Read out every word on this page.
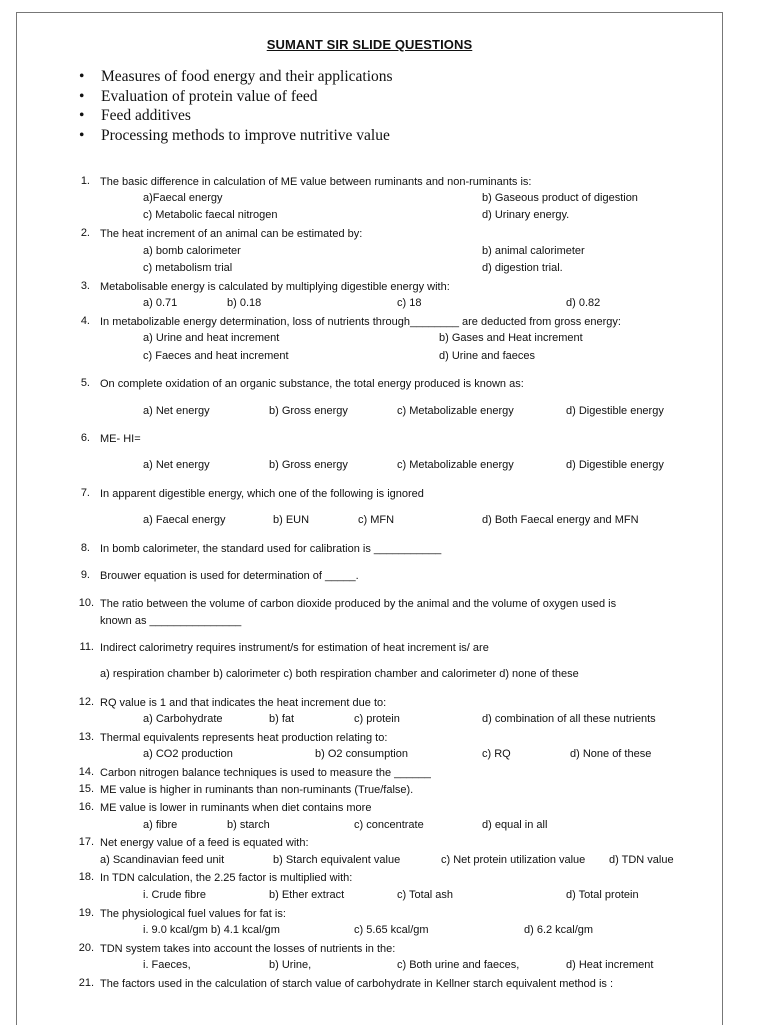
SUMANT SIR SLIDE QUESTIONS
• Measures of food energy and their applications
• Evaluation of protein value of feed
• Feed additives
• Processing methods to improve nutritive value
1. The basic difference in calculation of ME value between ruminants and non-ruminants is:
a)Faecal energy	b) Gaseous product of digestion
c) Metabolic faecal nitrogen	d) Urinary energy.
2. The heat increment of an animal can be estimated by:
a) bomb calorimeter	b) animal calorimeter
c) metabolism trial	d) digestion trial.
3. Metabolisable energy is calculated by multiplying digestible energy with:
a) 0.71	b) 0.18	c) 18	d) 0.82
4. In metabolizable energy determination, loss of nutrients through________ are deducted from gross energy:
a) Urine and heat increment	b) Gases and Heat increment
c) Faeces and heat increment	d) Urine and faeces
5. On complete oxidation of an organic substance, the total energy produced is known as:
a) Net energy	b) Gross energy	c) Metabolizable energy	d) Digestible energy
6. ME- HI=
a) Net energy	b) Gross energy	c) Metabolizable energy	d) Digestible energy
7. In apparent digestible energy, which one of the following is ignored
a) Faecal energy	b) EUN	c) MFN	d) Both Faecal energy and MFN
8. In bomb calorimeter, the standard used for calibration is ___________
9. Brouwer equation is used for determination of _____.
10. The ratio between the volume of carbon dioxide produced by the animal and the volume of oxygen used is
known as _______________
11. Indirect calorimetry requires instrument/s for estimation of heat increment is/ are
a) respiration chamber b) calorimeter c) both respiration chamber and calorimeter d) none of these
12. RQ value is 1 and that indicates the heat increment due to:
a) Carbohydrate	b) fat	c) protein	d) combination of all these nutrients
13. Thermal equivalents represents heat production relating to:
a) CO2 production	b) O2 consumption	c) RQ	d) None of these
14. Carbon nitrogen balance techniques is used to measure the ______
15. ME value is higher in ruminants than non-ruminants (True/false).
16. ME value is lower in ruminants when diet contains more
a) fibre	b) starch	c) concentrate	d) equal in all
17. Net energy value of a feed is equated with:
a) Scandinavian feed unit	b) Starch equivalent value	c) Net protein utilization value d) TDN value
18. In TDN calculation, the 2.25 factor is multiplied with:
i. Crude fibre	b) Ether extract	c) Total ash	d) Total protein
19. The physiological fuel values for fat is:
i. 9.0 kcal/gm b) 4.1 kcal/gm	c) 5.65 kcal/gm	d) 6.2 kcal/gm
20. TDN system takes into account the losses of nutrients in the:
i. Faeces,	b) Urine,	c) Both urine and faeces,	d) Heat increment
21. The factors used in the calculation of starch value of carbohydrate in Kellner starch equivalent method is :
